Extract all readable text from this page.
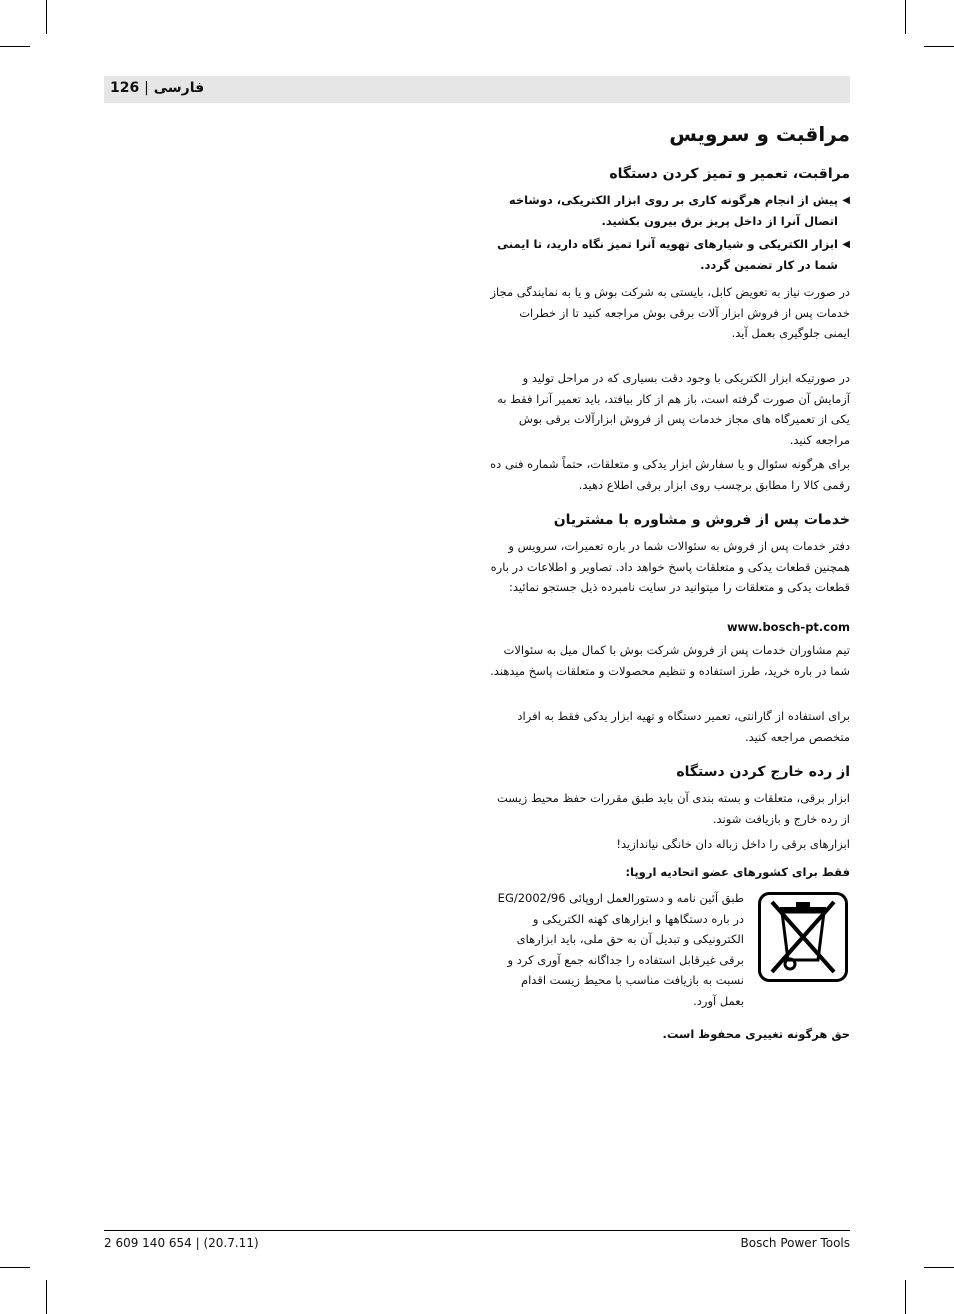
126 | فارسی
مراقبت و سرویس
مراقبت، تعمیر و تمیز کردن دستگاه
◀
پیش از انجام هرگونه کاری بر روی ابزار الکتریکی، دوشاخه اتصال آنرا از داخل پریز برق بیرون بکشید.
◀
ابزار الکتریکی و شیارهای تهویه آنرا تمیز نگاه دارید، تا ایمنی شما در کار تضمین گردد.
در صورت نیاز به تعویض کابل، بایستی به شرکت بوش و یا به نمایندگی مجاز خدمات پس از فروش ابزار آلات برقی بوش مراجعه کنید تا از خطرات ایمنی جلوگیری بعمل آید.
در صورتیکه ابزار الکتریکی با وجود دقت بسیاری که در مراحل تولید و آزمایش آن صورت گرفته است، باز هم از کار بیافتد، باید تعمیر آنرا فقط به یکی از تعمیرگاه های مجاز خدمات پس از فروش ابزارآلات برقی بوش مراجعه کنید.
برای هرگونه سئوال و یا سفارش ابزار یدکی و متعلقات، حتماً شماره فنی ده رقمی کالا را مطابق برچسب روی ابزار برقی اطلاع دهید.
خدمات پس از فروش و مشاوره با مشتریان
دفتر خدمات پس از فروش به سئوالات شما در باره تعمیرات، سرویس و همچنین قطعات یدکی و متعلقات پاسخ خواهد داد. تصاویر و اطلاعات در باره قطعات یدکی و متعلقات را میتوانید در سایت نامبرده ذیل جستجو نمائید:
www.bosch-pt.com
تیم مشاوران خدمات پس از فروش شرکت بوش با کمال میل به سئوالات شما در باره خرید، طرز استفاده و تنظیم محصولات و متعلقات پاسخ میدهند.
برای استفاده از گارانتی، تعمیر دستگاه و تهیه ابزار یدکی فقط به افراد متخصص مراجعه کنید.
از رده خارج کردن دستگاه
ابزار برقی، متعلقات و بسته بندی آن باید طبق مقررات حفظ محیط زیست از رده خارج و بازیافت شوند.
ابزارهای برقی را داخل زباله دان خانگی نیاندازید!
فقط برای کشورهای عضو اتحادیه اروپا:
طبق آئین نامه و دستورالعمل اروپائی 2002/96/EG در باره دستگاهها و ابزارهای کهنه الکتریکی و الکترونیکی و تبدیل آن به حق ملی، باید ابزارهای برقی غیرقابل استفاده را جداگانه جمع آوری کرد و نسبت به بازیافت مناسب با محیط زیست اقدام بعمل آورد.
حق هرگونه تغییری محفوظ است.
2 609 140 654 | (20.7.11)	Bosch Power Tools
